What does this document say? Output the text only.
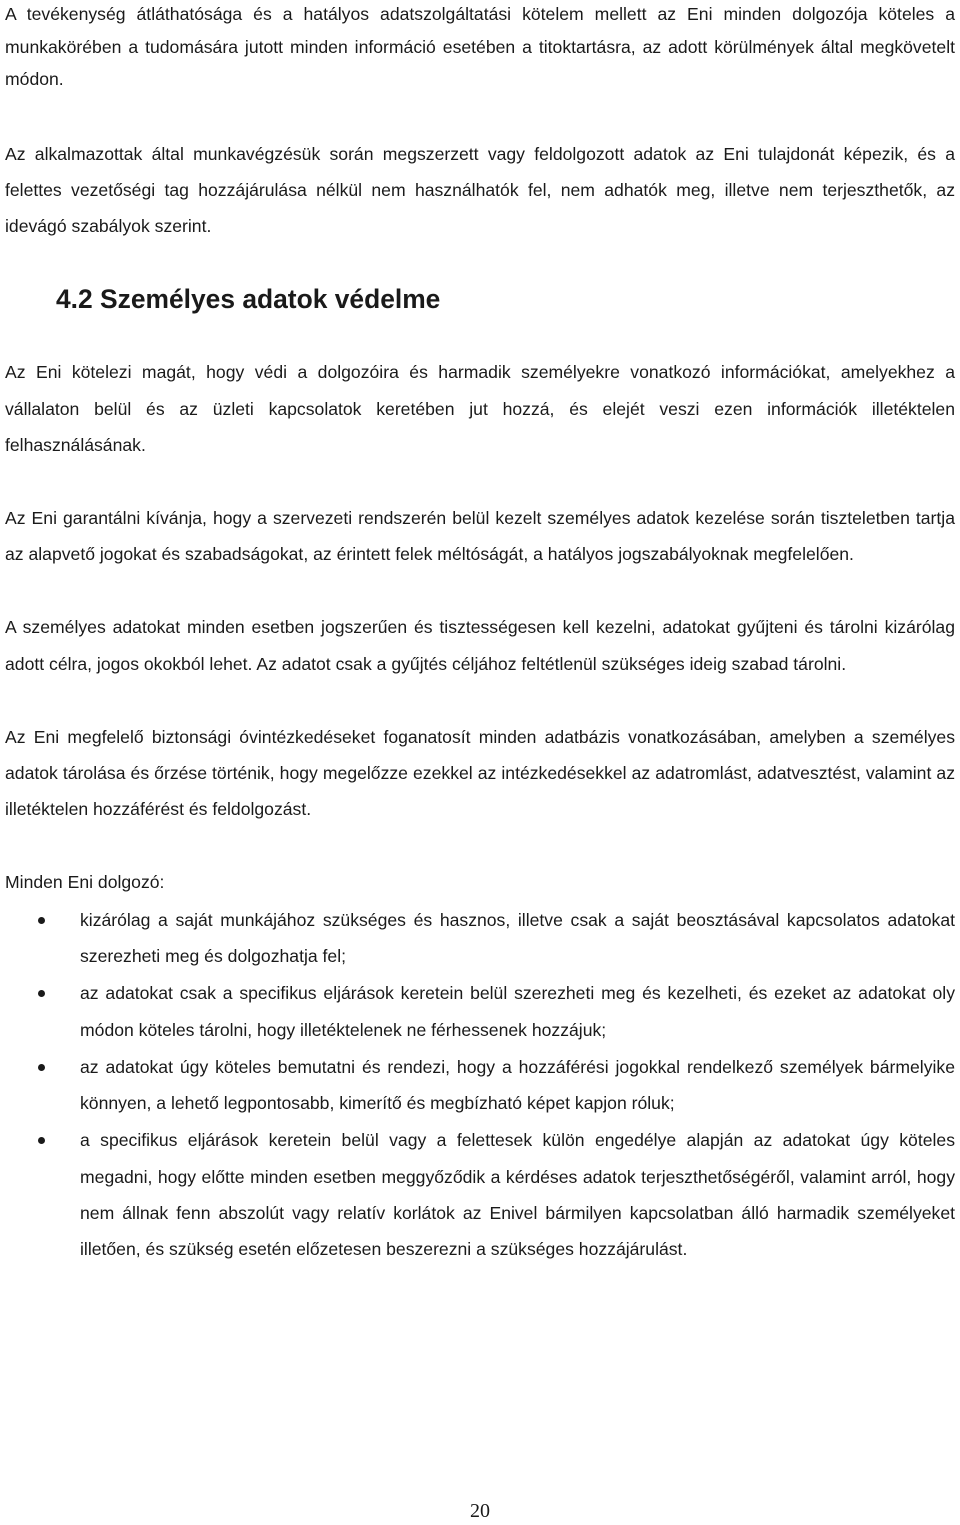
A tevékenység átláthatósága és a hatályos adatszolgáltatási kötelem mellett az Eni minden dolgozója köteles a munkakörében a tudomására jutott minden információ esetében a titoktartásra, az adott körülmények által megkövetelt módon.

Az alkalmazottak által munkavégzésük során megszerzett vagy feldolgozott adatok az Eni tulajdonát képezik, és a felettes vezetőségi tag hozzájárulása nélkül nem használhatók fel, nem adhatók meg, illetve nem terjeszthetők, az idevágó szabályok szerint.

4.2 Személyes adatok védelme

Az Eni kötelezi magát, hogy védi a dolgozóira és harmadik személyekre vonatkozó információkat, amelyekhez a vállalaton belül és az üzleti kapcsolatok keretében jut hozzá, és elejét veszi ezen információk illetéktelen felhasználásának.

Az Eni garantálni kívánja, hogy a szervezeti rendszerén belül kezelt személyes adatok kezelése során tiszteletben tartja az alapvető jogokat és szabadságokat, az érintett felek méltóságát, a hatályos jogszabályoknak megfelelően.

A személyes adatokat minden esetben jogszerűen és tisztességesen kell kezelni, adatokat gyűjteni és tárolni kizárólag adott célra, jogos okokból lehet. Az adatot csak a gyűjtés céljához feltétlenül szükséges ideig szabad tárolni.

Az Eni megfelelő biztonsági óvintézkedéseket foganatosít minden adatbázis vonatkozásában, amelyben a személyes adatok tárolása és őrzése történik, hogy megelőzze ezekkel az intézkedésekkel az adatromlást, adatvesztést, valamint az illetéktelen hozzáférést és feldolgozást.

Minden Eni dolgozó:

kizárólag a saját munkájához szükséges és hasznos, illetve csak a saját beosztásával kapcsolatos adatokat szerezheti meg és dolgozhatja fel;
az adatokat csak a specifikus eljárások keretein belül szerezheti meg és kezelheti, és ezeket az adatokat oly módon köteles tárolni, hogy illetéktelenek ne férhessenek hozzájuk;
az adatokat úgy köteles bemutatni és rendezi, hogy a hozzáférési jogokkal rendelkező személyek bármelyike könnyen, a lehető legpontosabb, kimerítő és megbízható képet kapjon róluk;
a specifikus eljárások keretein belül vagy a felettesek külön engedélye alapján az adatokat úgy köteles megadni, hogy előtte minden esetben meggyőződik a kérdéses adatok terjeszthetőségéről, valamint arról, hogy nem állnak fenn abszolút vagy relatív korlátok az Enivel bármilyen kapcsolatban álló harmadik személyeket illetően, és szükség esetén előzetesen beszerezni a szükséges hozzájárulást.
20
